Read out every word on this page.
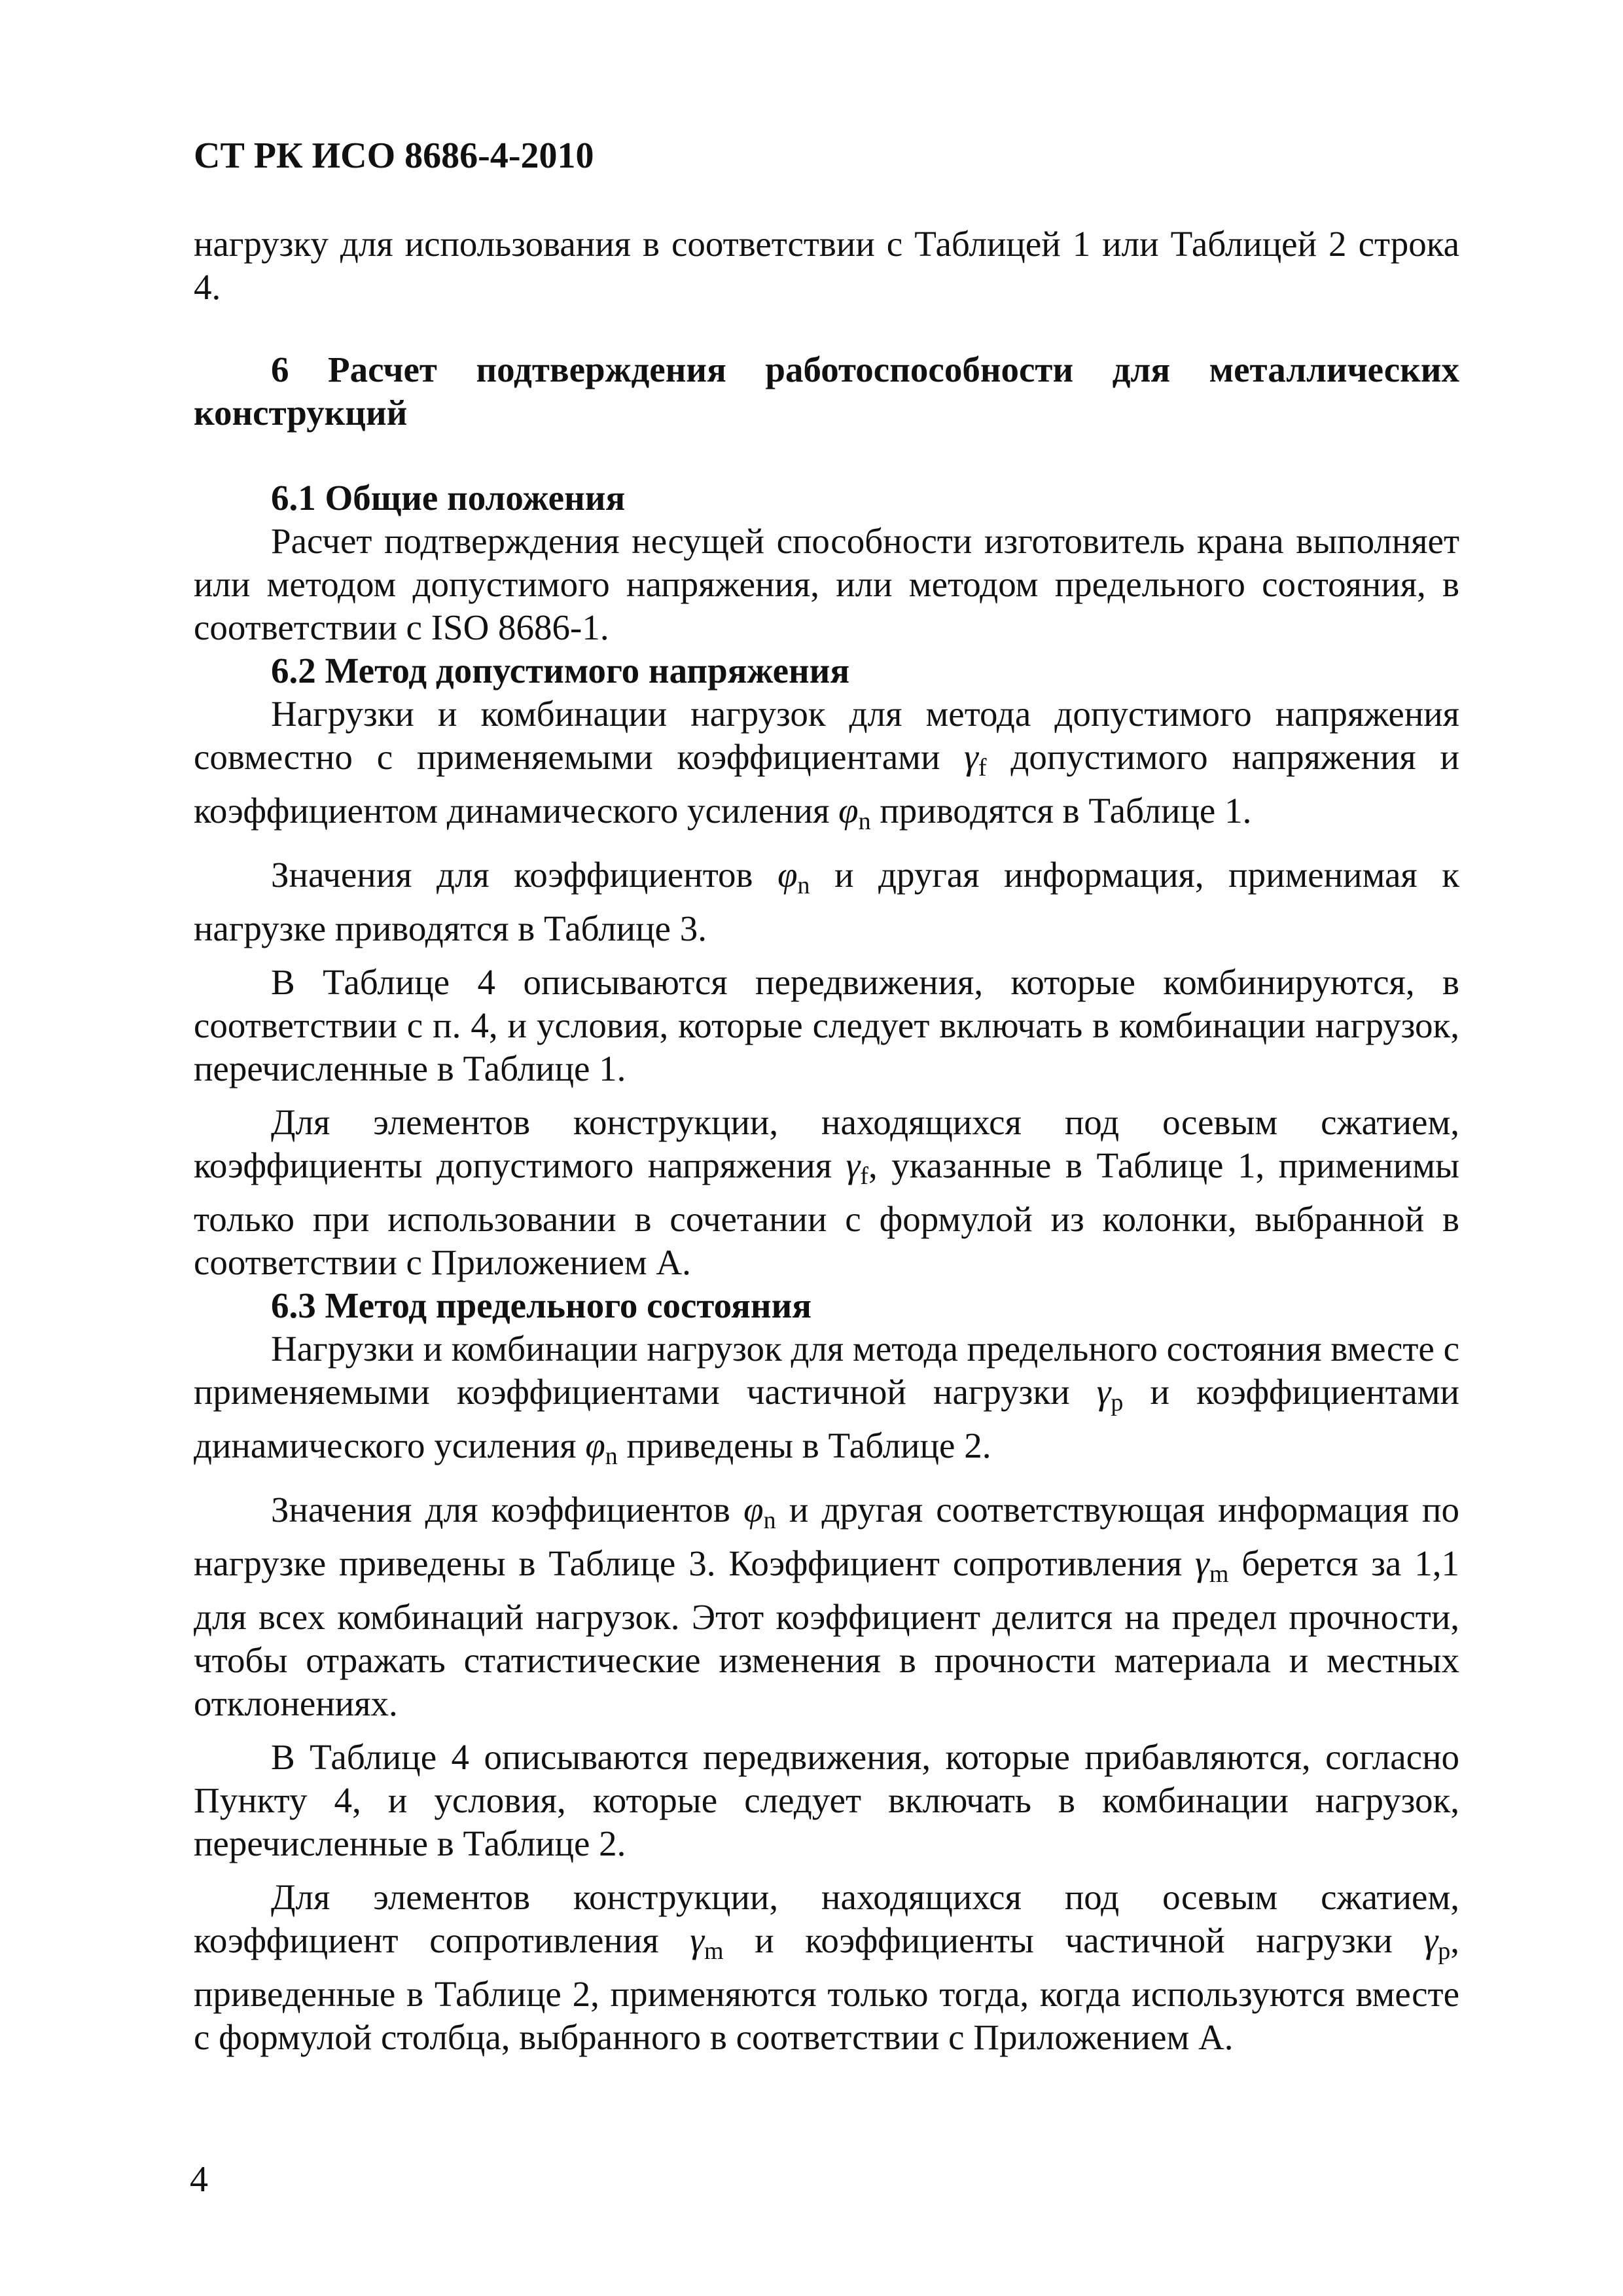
СТ РК ИСО 8686-4-2010

нагрузку для использования в соответствии с Таблицей 1 или Таблицей 2 строка 4.

6 Расчет подтверждения работоспособности для металлических конструкций

6.1 Общие положения

Расчет подтверждения несущей способности изготовитель крана выполняет или методом допустимого напряжения, или методом предельного состояния, в соответствии с ISO 8686-1.

6.2 Метод допустимого напряжения

Нагрузки и комбинации нагрузок для метода допустимого напряжения совместно с применяемыми коэффициентами $\gamma_f$ допустимого напряжения и коэффициентом динамического усиления $\varphi_n$ приводятся в Таблице 1.

Значения для коэффициентов $\varphi_n$ и другая информация, применимая к нагрузке приводятся в Таблице 3.

В Таблице 4 описываются передвижения, которые комбинируются, в соответствии с п. 4, и условия, которые следует включать в комбинации нагрузок, перечисленные в Таблице 1.

Для элементов конструкции, находящихся под осевым сжатием, коэффициенты допустимого напряжения $\gamma_f$, указанные в Таблице 1, применимы только при использовании в сочетании с формулой из колонки, выбранной в соответствии с Приложением А.

6.3 Метод предельного состояния

Нагрузки и комбинации нагрузок для метода предельного состояния вместе с применяемыми коэффициентами частичной нагрузки $\gamma_p$ и коэффициентами динамического усиления $\varphi_n$ приведены в Таблице 2.

Значения для коэффициентов $\varphi_n$ и другая соответствующая информация по нагрузке приведены в Таблице 3. Коэффициент сопротивления $\gamma_m$ берется за 1,1 для всех комбинаций нагрузок. Этот коэффициент делится на предел прочности, чтобы отражать статистические изменения в прочности материала и местных отклонениях.

В Таблице 4 описываются передвижения, которые прибавляются, согласно Пункту 4, и условия, которые следует включать в комбинации нагрузок, перечисленные в Таблице 2.

Для элементов конструкции, находящихся под осевым сжатием, коэффициент сопротивления $\gamma_m$ и коэффициенты частичной нагрузки $\gamma_p$, приведенные в Таблице 2, применяются только тогда, когда используются вместе с формулой столбца, выбранного в соответствии с Приложением А.

4
